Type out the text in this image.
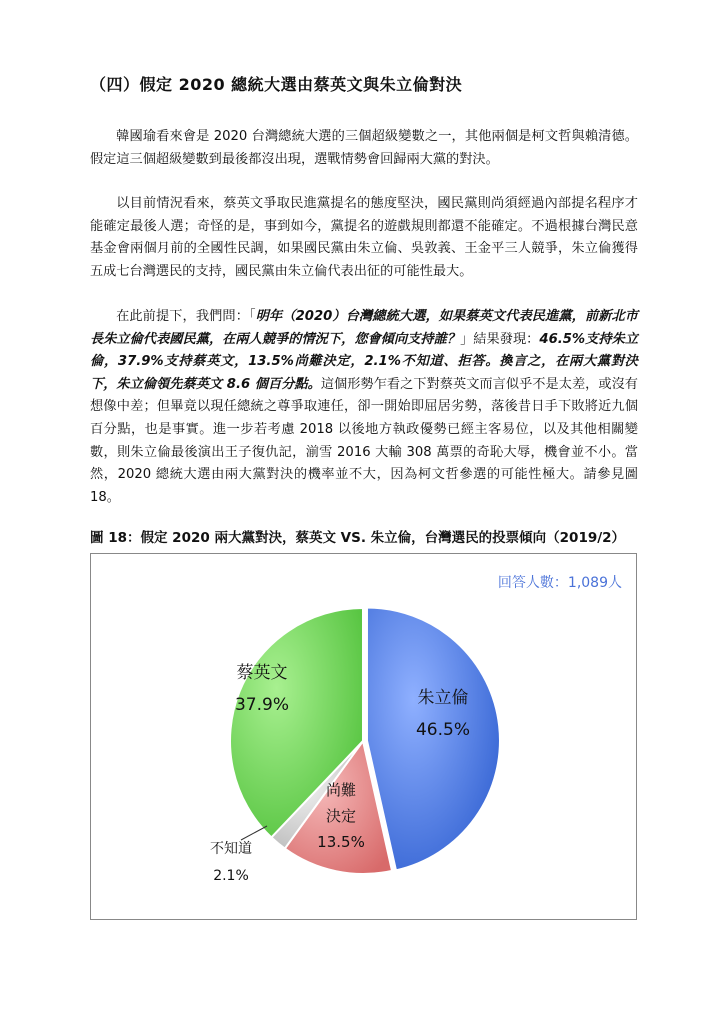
（四）假定 2020 總統大選由蔡英文與朱立倫對決
韓國瑜看來會是 2020 台灣總統大選的三個超級變數之一，其他兩個是柯文哲與賴清德。假定這三個超級變數到最後都沒出現，選戰情勢會回歸兩大黨的對決。
以目前情況看來，蔡英文爭取民進黨提名的態度堅決，國民黨則尚須經過內部提名程序才能確定最後人選；奇怪的是，事到如今，黨提名的遊戲規則都還不能確定。不過根據台灣民意基金會兩個月前的全國性民調，如果國民黨由朱立倫、吳敦義、王金平三人競爭，朱立倫獲得五成七台灣選民的支持，國民黨由朱立倫代表出征的可能性最大。
在此前提下，我們問：「明年（2020）台灣總統大選，如果蔡英文代表民進黨，前新北市長朱立倫代表國民黨，在兩人競爭的情況下，您會傾向支持誰？」結果發現：46.5%支持朱立倫，37.9%支持蔡英文，13.5%尚難決定，2.1%不知道、拒答。換言之，在兩大黨對決下，朱立倫領先蔡英文 8.6 個百分點。這個形勢乍看之下對蔡英文而言似乎不是太差，或沒有想像中差；但畢竟以現任總統之尊爭取連任，卻一開始即屈居劣勢，落後昔日手下敗將近九個百分點，也是事實。進一步若考慮 2018 以後地方執政優勢已經主客易位，以及其他相關變數，則朱立倫最後演出王子復仇記，湔雪 2016 大輸 308 萬票的奇恥大辱，機會並不小。當然，2020 總統大選由兩大黨對決的機率並不大，因為柯文哲參選的可能性極大。請參見圖 18。
圖 18：假定 2020 兩大黨對決，蔡英文 VS. 朱立倫，台灣選民的投票傾向（2019/2）
回答人數：1,089人
朱立倫
46.5%
蔡英文
37.9%
尚難
決定
13.5%
不知道
2.1%
